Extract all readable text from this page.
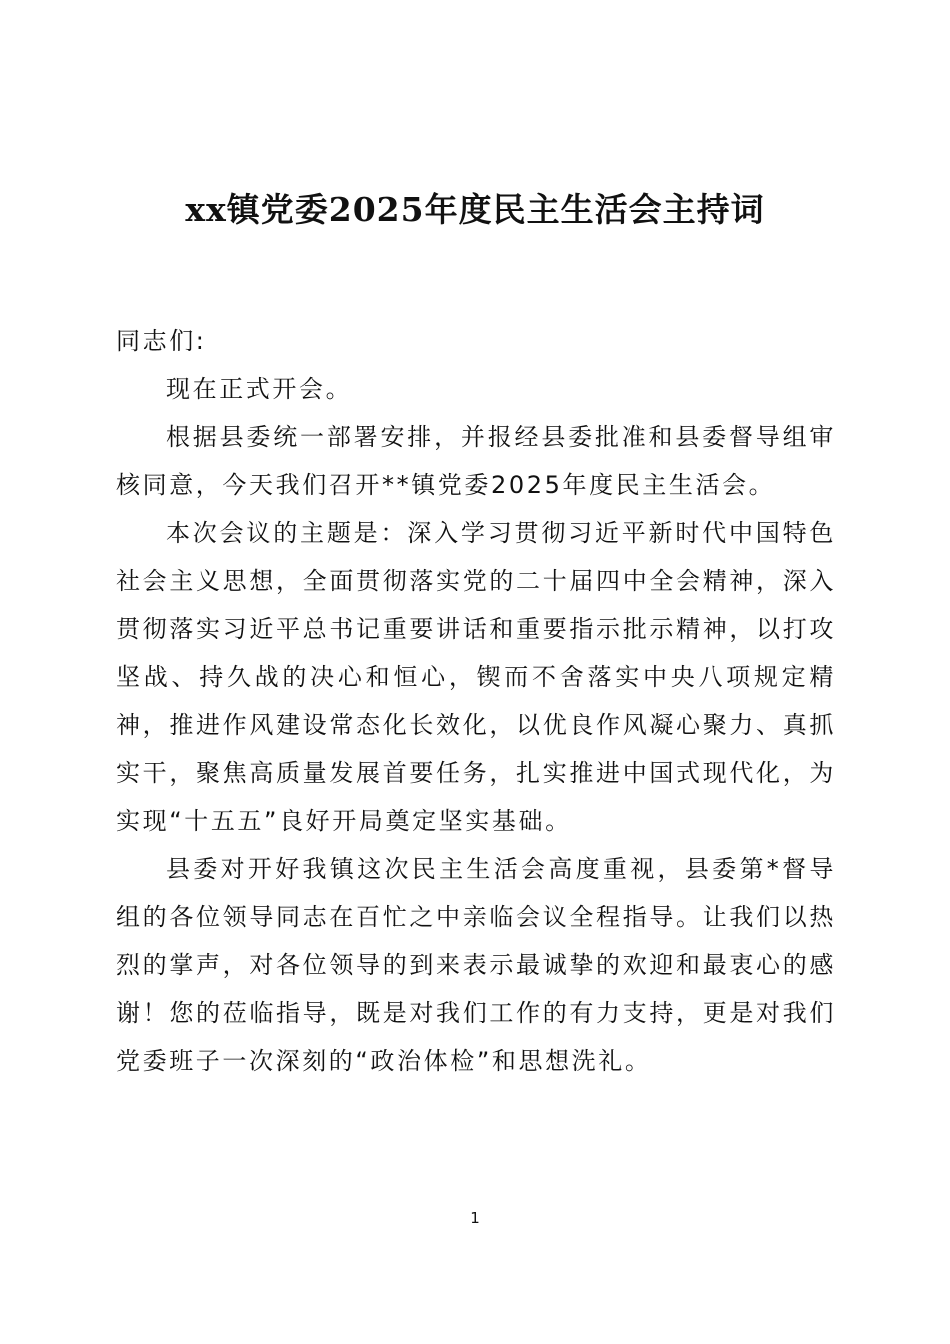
xx镇党委2025年度民主生活会主持词

同志们:

现在正式开会。

根据县委统一部署安排，并报经县委批准和县委督导组审核同意，今天我们召开**镇党委2025年度民主生活会。

本次会议的主题是：深入学习贯彻习近平新时代中国特色社会主义思想，全面贯彻落实党的二十届四中全会精神，深入贯彻落实习近平总书记重要讲话和重要指示批示精神，以打攻坚战、持久战的决心和恒心，锲而不舍落实中央八项规定精神，推进作风建设常态化长效化，以优良作风凝心聚力、真抓实干，聚焦高质量发展首要任务，扎实推进中国式现代化，为实现“十五五”良好开局奠定坚实基础。

县委对开好我镇这次民主生活会高度重视，县委第*督导组的各位领导同志在百忙之中亲临会议全程指导。让我们以热烈的掌声，对各位领导的到来表示最诚挚的欢迎和最衷心的感谢！您的莅临指导，既是对我们工作的有力支持，更是对我们党委班子一次深刻的“政治体检”和思想洗礼。

1
